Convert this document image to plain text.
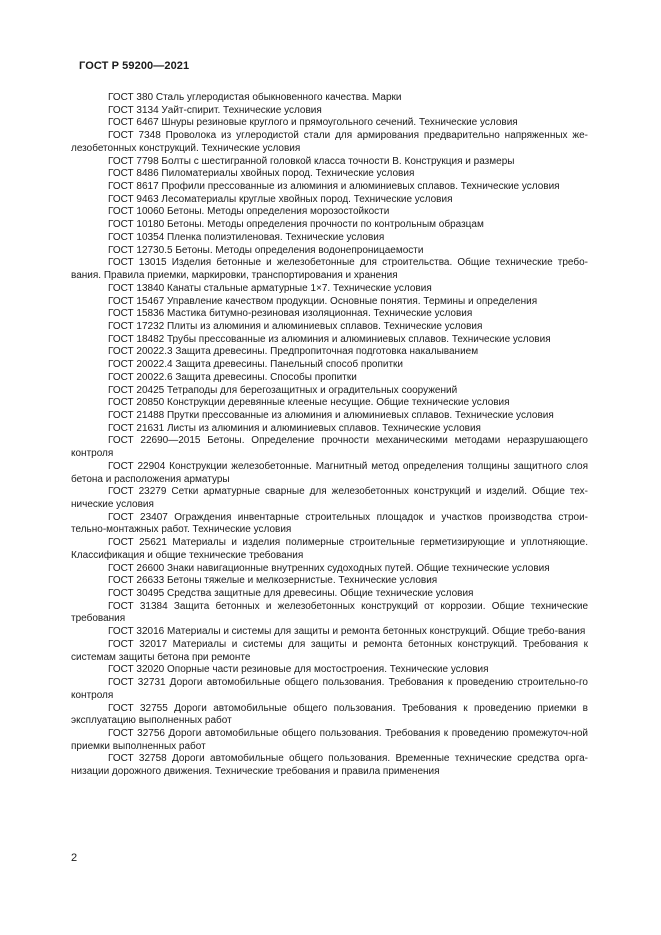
ГОСТ Р 59200—2021

ГОСТ 380 Сталь углеродистая обыкновенного качества. Марки

ГОСТ 3134 Уайт-спирит. Технические условия

ГОСТ 6467 Шнуры резиновые круглого и прямоугольного сечений. Технические условия

ГОСТ 7348 Проволока из углеродистой стали для армирования предварительно напряженных же-лезобетонных конструкций. Технические условия

ГОСТ 7798 Болты с шестигранной головкой класса точности В. Конструкция и размеры

ГОСТ 8486 Пиломатериалы хвойных пород. Технические условия

ГОСТ 8617 Профили прессованные из алюминия и алюминиевых сплавов. Технические условия

ГОСТ 9463 Лесоматериалы круглые хвойных пород. Технические условия

ГОСТ 10060 Бетоны. Методы определения морозостойкости

ГОСТ 10180 Бетоны. Методы определения прочности по контрольным образцам

ГОСТ 10354 Пленка полиэтиленовая. Технические условия

ГОСТ 12730.5 Бетоны. Методы определения водонепроницаемости

ГОСТ 13015 Изделия бетонные и железобетонные для строительства. Общие технические требо-вания. Правила приемки, маркировки, транспортирования и хранения

ГОСТ 13840 Канаты стальные арматурные 1×7. Технические условия

ГОСТ 15467 Управление качеством продукции. Основные понятия. Термины и определения

ГОСТ 15836 Мастика битумно-резиновая изоляционная. Технические условия

ГОСТ 17232 Плиты из алюминия и алюминиевых сплавов. Технические условия

ГОСТ 18482 Трубы прессованные из алюминия и алюминиевых сплавов. Технические условия

ГОСТ 20022.3 Защита древесины. Предпропиточная подготовка накалыванием

ГОСТ 20022.4 Защита древесины. Панельный способ пропитки

ГОСТ 20022.6 Защита древесины. Способы пропитки

ГОСТ 20425 Тетраподы для берегозащитных и оградительных сооружений

ГОСТ 20850 Конструкции деревянные клееные несущие. Общие технические условия

ГОСТ 21488 Прутки прессованные из алюминия и алюминиевых сплавов. Технические условия

ГОСТ 21631 Листы из алюминия и алюминиевых сплавов. Технические условия

ГОСТ 22690—2015 Бетоны. Определение прочности механическими методами неразрушающего контроля

ГОСТ 22904 Конструкции железобетонные. Магнитный метод определения толщины защитного слоя бетона и расположения арматуры

ГОСТ 23279 Сетки арматурные сварные для железобетонных конструкций и изделий. Общие тех-нические условия

ГОСТ 23407 Ограждения инвентарные строительных площадок и участков производства строи-тельно-монтажных работ. Технические условия

ГОСТ 25621 Материалы и изделия полимерные строительные герметизирующие и уплотняющие. Классификация и общие технические требования

ГОСТ 26600 Знаки навигационные внутренних судоходных путей. Общие технические условия

ГОСТ 26633 Бетоны тяжелые и мелкозернистые. Технические условия

ГОСТ 30495 Средства защитные для древесины. Общие технические условия

ГОСТ 31384 Защита бетонных и железобетонных конструкций от коррозии. Общие технические требования

ГОСТ 32016 Материалы и системы для защиты и ремонта бетонных конструкций. Общие требо-вания

ГОСТ 32017 Материалы и системы для защиты и ремонта бетонных конструкций. Требования к системам защиты бетона при ремонте

ГОСТ 32020 Опорные части резиновые для мостостроения. Технические условия

ГОСТ 32731 Дороги автомобильные общего пользования. Требования к проведению строительно-го контроля

ГОСТ 32755 Дороги автомобильные общего пользования. Требования к проведению приемки в эксплуатацию выполненных работ

ГОСТ 32756 Дороги автомобильные общего пользования. Требования к проведению промежуточ-ной приемки выполненных работ

ГОСТ 32758 Дороги автомобильные общего пользования. Временные технические средства орга-низации дорожного движения. Технические требования и правила применения

2
